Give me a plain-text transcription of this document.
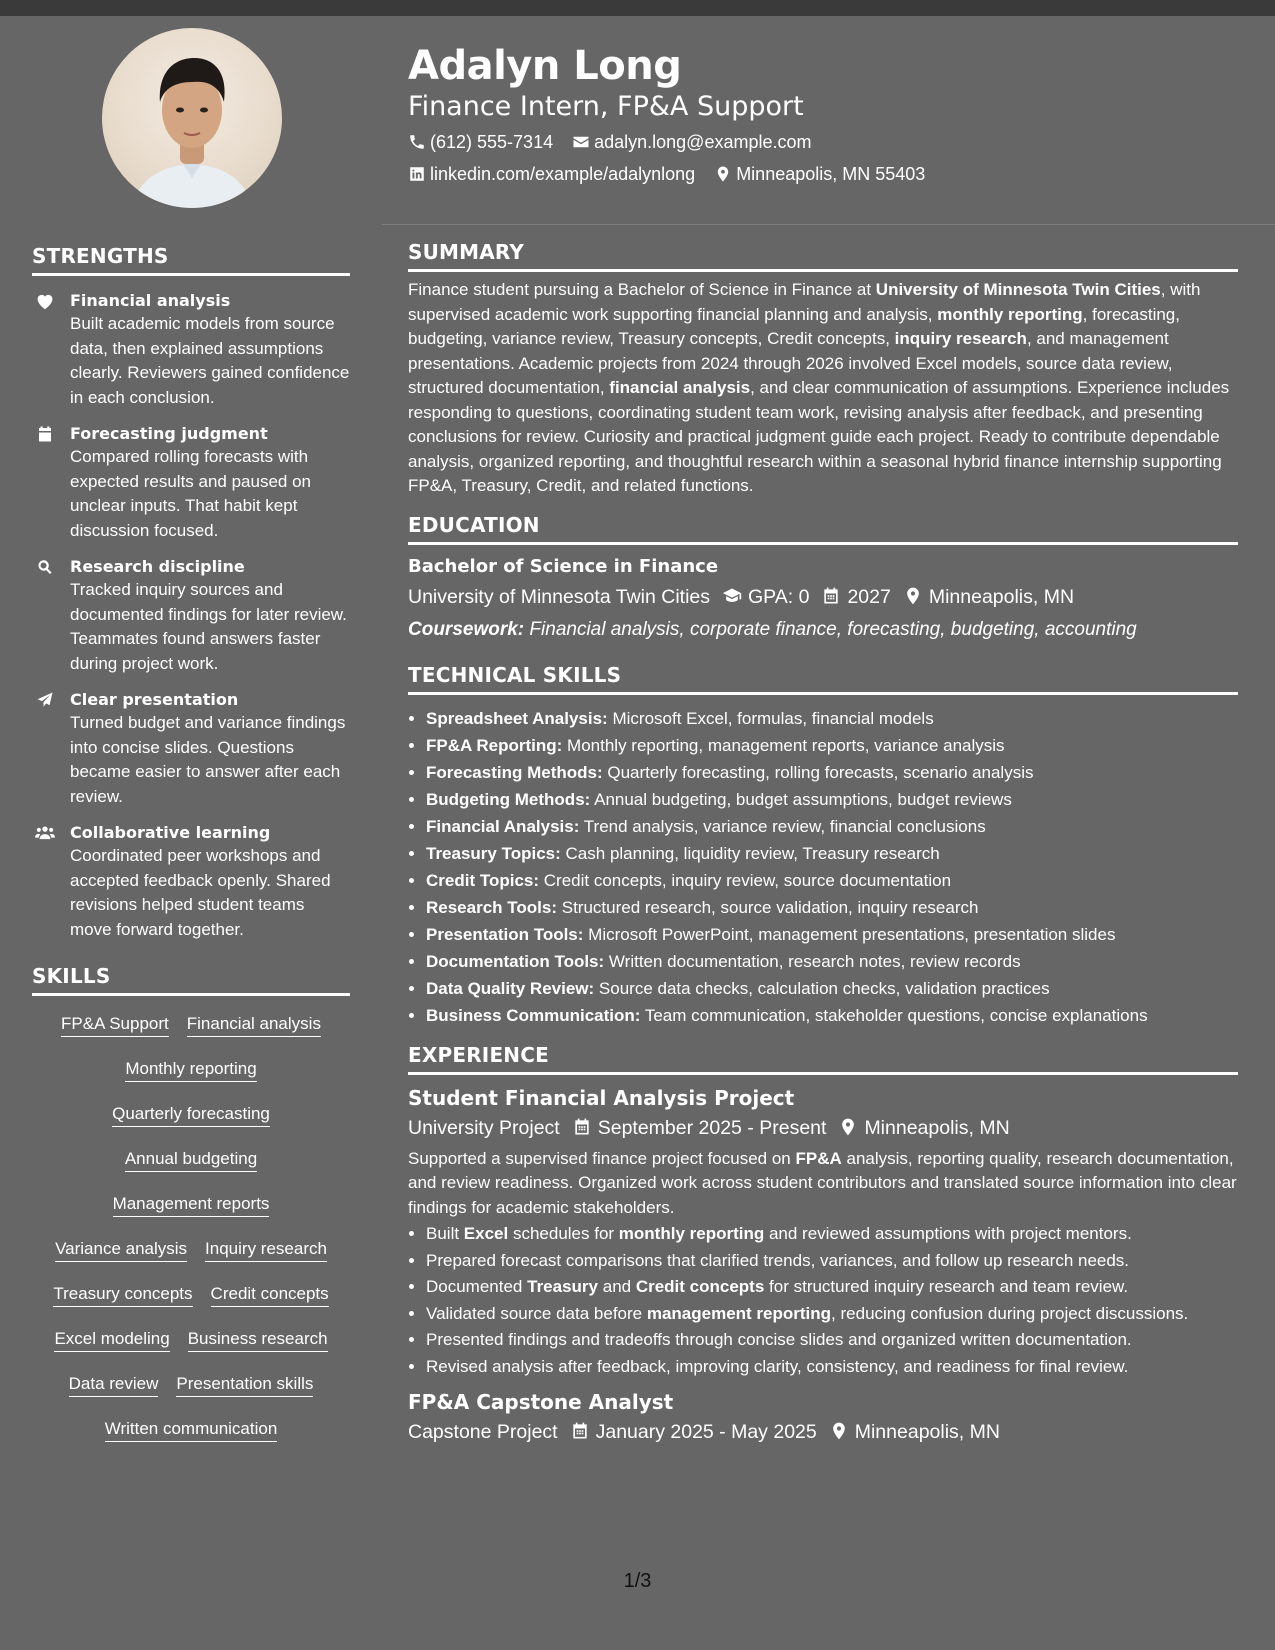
STRENGTHS
Financial analysis
Built academic models from source data, then explained assumptions clearly. Reviewers gained confidence in each conclusion.
Forecasting judgment
Compared rolling forecasts with expected results and paused on unclear inputs. That habit kept discussion focused.
Research discipline
Tracked inquiry sources and documented findings for later review. Teammates found answers faster during project work.
Clear presentation
Turned budget and variance findings into concise slides. Questions became easier to answer after each review.
Collaborative learning
Coordinated peer workshops and accepted feedback openly. Shared revisions helped student teams move forward together.
SKILLS
FP&A Support Financial analysis
Monthly reporting
Quarterly forecasting
Annual budgeting
Management reports
Variance analysis Inquiry research
Treasury concepts Credit concepts
Excel modeling Business research
Data review Presentation skills
Written communication
Adalyn Long
Finance Intern, FP&A Support
(612) 555-7314 adalyn.long@example.com
linkedin.com/example/adalynlong Minneapolis, MN 55403
SUMMARY
Finance student pursuing a Bachelor of Science in Finance at University of Minnesota Twin Cities, with supervised academic work supporting financial planning and analysis, monthly reporting, forecasting, budgeting, variance review, Treasury concepts, Credit concepts, inquiry research, and management presentations. Academic projects from 2024 through 2026 involved Excel models, source data review, structured documentation, financial analysis, and clear communication of assumptions. Experience includes responding to questions, coordinating student team work, revising analysis after feedback, and presenting conclusions for review. Curiosity and practical judgment guide each project. Ready to contribute dependable analysis, organized reporting, and thoughtful research within a seasonal hybrid finance internship supporting FP&A, Treasury, Credit, and related functions.
EDUCATION
Bachelor of Science in Finance
University of Minnesota Twin Cities GPA: 0 2027 Minneapolis, MN
Coursework: Financial analysis, corporate finance, forecasting, budgeting, accounting
TECHNICAL SKILLS
• Spreadsheet Analysis: Microsoft Excel, formulas, financial models
• FP&A Reporting: Monthly reporting, management reports, variance analysis
• Forecasting Methods: Quarterly forecasting, rolling forecasts, scenario analysis
• Budgeting Methods: Annual budgeting, budget assumptions, budget reviews
• Financial Analysis: Trend analysis, variance review, financial conclusions
• Treasury Topics: Cash planning, liquidity review, Treasury research
• Credit Topics: Credit concepts, inquiry review, source documentation
• Research Tools: Structured research, source validation, inquiry research
• Presentation Tools: Microsoft PowerPoint, management presentations, presentation slides
• Documentation Tools: Written documentation, research notes, review records
• Data Quality Review: Source data checks, calculation checks, validation practices
• Business Communication: Team communication, stakeholder questions, concise explanations
EXPERIENCE
Student Financial Analysis Project
University Project September 2025 - Present Minneapolis, MN
Supported a supervised finance project focused on FP&A analysis, reporting quality, research documentation, and review readiness. Organized work across student contributors and translated source information into clear findings for academic stakeholders.
• Built Excel schedules for monthly reporting and reviewed assumptions with project mentors.
• Prepared forecast comparisons that clarified trends, variances, and follow up research needs.
• Documented Treasury and Credit concepts for structured inquiry research and team review.
• Validated source data before management reporting, reducing confusion during project discussions.
• Presented findings and tradeoffs through concise slides and organized written documentation.
• Revised analysis after feedback, improving clarity, consistency, and readiness for final review.
FP&A Capstone Analyst
Capstone Project January 2025 - May 2025 Minneapolis, MN
1/3
